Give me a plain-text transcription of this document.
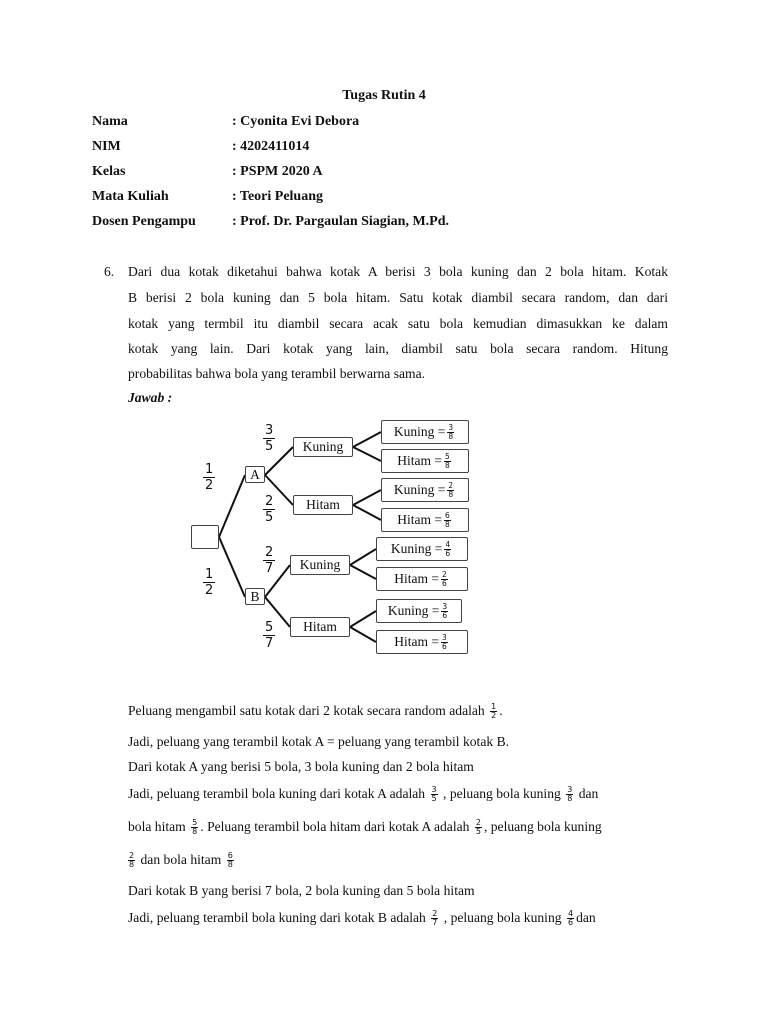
Tugas Rutin 4
Nama	: Cyonita Evi Debora
NIM	: 4202411014
Kelas	: PSPM 2020 A
Mata Kuliah	: Teori Peluang
Dosen Pengampu	: Prof. Dr. Pargaulan Siagian, M.Pd.
6. Dari dua kotak diketahui bahwa kotak A berisi 3 bola kuning dan 2 bola hitam. Kotak
B berisi 2 bola kuning dan 5 bola hitam. Satu kotak diambil secara random, dan dari
kotak yang termbil itu diambil secara acak satu bola kemudian dimasukkan ke dalam
kotak yang lain. Dari kotak yang lain, diambil satu bola secara random. Hitung
probabilitas bahwa bola yang terambil berwarna sama.
Jawab :
A
B
$\frac{1}{2}$
$\frac{1}{2}$
$\frac{3}{5}$
$\frac{2}{5}$
$\frac{2}{7}$
$\frac{5}{7}$
Kuning
Hitam
Kuning
Hitam
Kuning = $\frac{3}{8}$
Hitam = $\frac{5}{8}$
Kuning = $\frac{2}{8}$
Hitam = $\frac{6}{8}$
Kuning = $\frac{4}{6}$
Hitam = $\frac{2}{6}$
Kuning = $\frac{3}{6}$
Hitam = $\frac{3}{6}$
Peluang mengambil satu kotak dari 2 kotak secara random adalah $\frac{1}{2}$ .
Jadi, peluang yang terambil kotak A = peluang yang terambil kotak B.
Dari kotak A yang berisi 5 bola, 3 bola kuning dan 2 bola hitam
Jadi, peluang terambil bola kuning dari kotak A adalah $\frac{3}{5}$ , peluang bola kuning $\frac{3}{8}$ dan
bola hitam $\frac{5}{8}$ . Peluang terambil bola hitam dari kotak A adalah $\frac{2}{5}$ , peluang bola kuning
$\frac{2}{8}$ dan bola hitam $\frac{6}{8}$
Dari kotak B yang berisi 7 bola, 2 bola kuning dan 5 bola hitam
Jadi, peluang terambil bola kuning dari kotak B adalah $\frac{2}{7}$ , peluang bola kuning $\frac{4}{6}$ dan
